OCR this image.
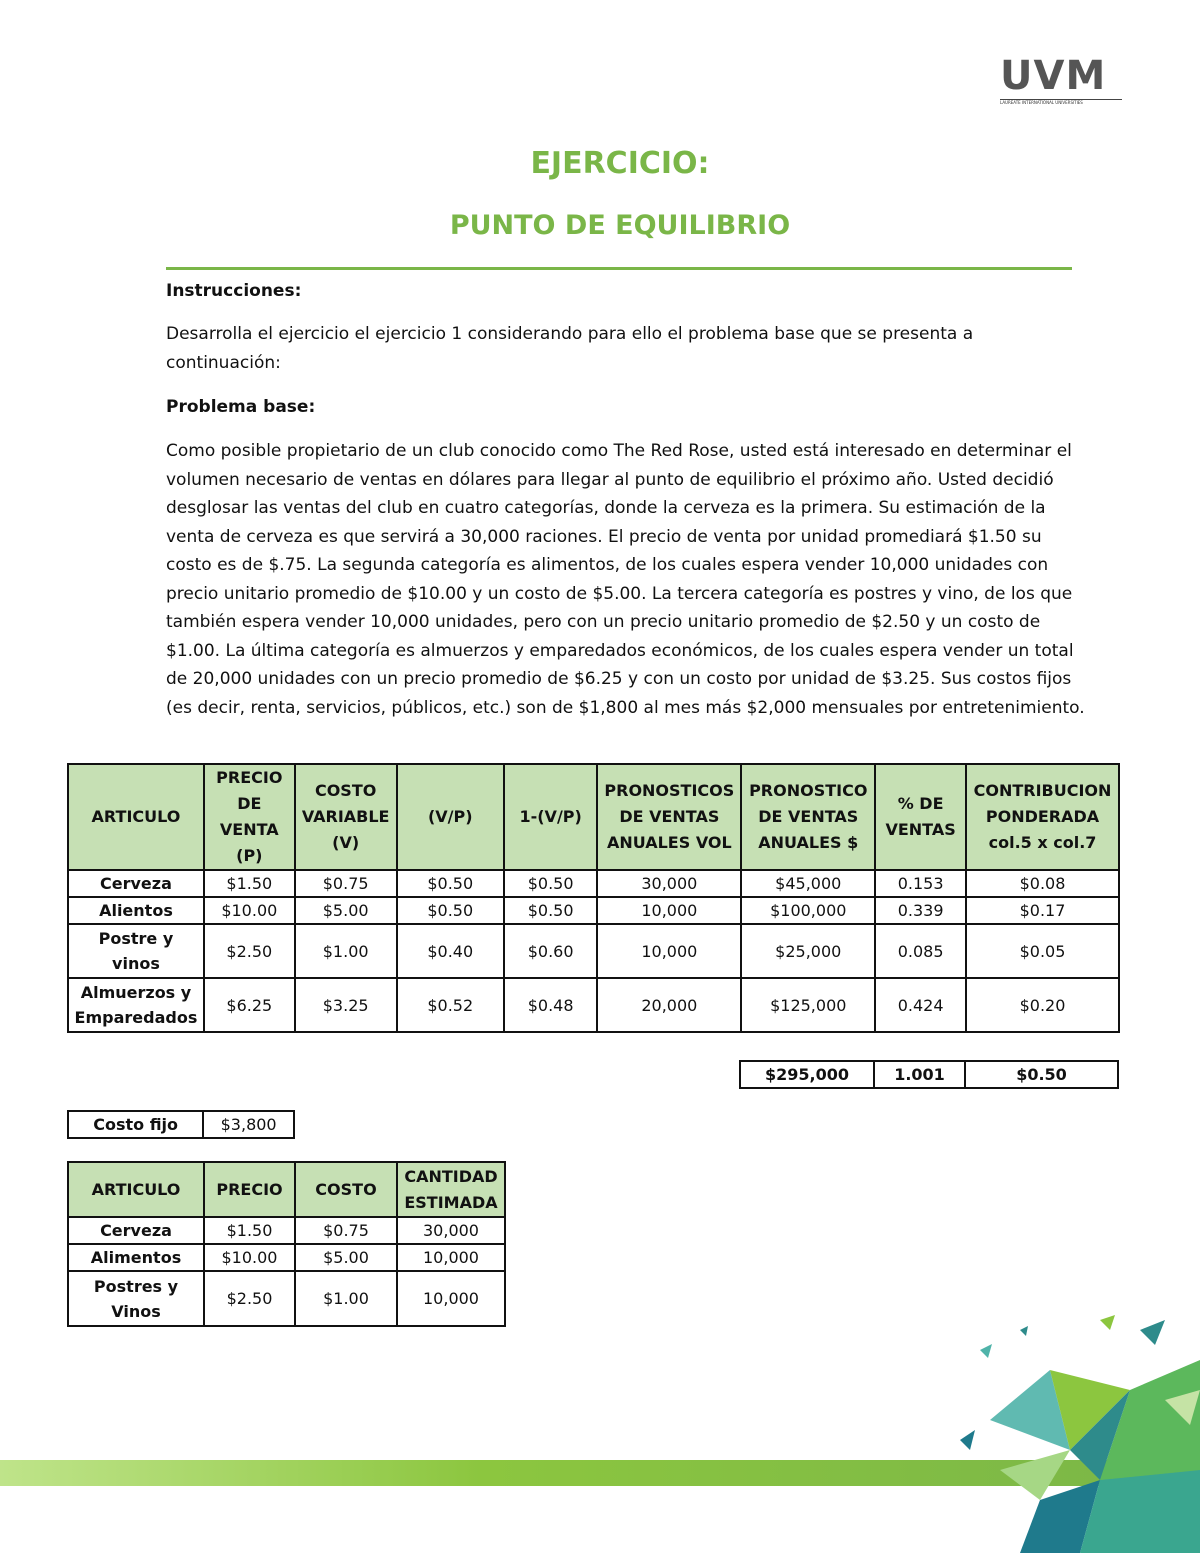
UVM
LAUREATE INTERNATIONAL UNIVERSITIES
EJERCICIO:
PUNTO DE EQUILIBRIO

Instrucciones:

Desarrolla el ejercicio el ejercicio 1 considerando para ello el problema base que se presenta a continuación:

Problema base:

Como posible propietario de un club conocido como The Red Rose, usted está interesado en determinar el volumen necesario de ventas en dólares para llegar al punto de equilibrio el próximo año. Usted decidió desglosar las ventas del club en cuatro categorías, donde la cerveza es la primera. Su estimación de la venta de cerveza es que servirá a 30,000 raciones. El precio de venta por unidad promediará $1.50 su costo es de $.75. La segunda categoría es alimentos, de los cuales espera vender 10,000 unidades con precio unitario promedio de $10.00 y un costo de $5.00. La tercera categoría es postres y vino, de los que también espera vender 10,000 unidades, pero con un precio unitario promedio de $2.50 y un costo de $1.00. La última categoría es almuerzos y emparedados económicos, de los cuales espera vender un total de 20,000 unidades con un precio promedio de $6.25 y con un costo por unidad de $3.25. Sus costos fijos (es decir, renta, servicios, públicos, etc.) son de $1,800 al mes más $2,000 mensuales por entretenimiento.

ARTICULO	PRECIO DE VENTA (P)	COSTO VARIABLE (V)	(V/P)	1-(V/P)	PRONOSTICOS DE VENTAS ANUALES VOL	PRONOSTICO DE VENTAS ANUALES $	% DE VENTAS	CONTRIBUCION PONDERADA col.5 x col.7
Cerveza	$1.50	$0.75	$0.50	$0.50	30,000	$45,000	0.153	$0.08
Alientos	$10.00	$5.00	$0.50	$0.50	10,000	$100,000	0.339	$0.17
Postre y vinos	$2.50	$1.00	$0.40	$0.60	10,000	$25,000	0.085	$0.05
Almuerzos y Emparedados	$6.25	$3.25	$0.52	$0.48	20,000	$125,000	0.424	$0.20
$295,000	1.001	$0.50
Costo fijo	$3,800
ARTICULO	PRECIO	COSTO	CANTIDAD ESTIMADA
Cerveza	$1.50	$0.75	30,000
Alimentos	$10.00	$5.00	10,000
Postres y Vinos	$2.50	$1.00	10,000
